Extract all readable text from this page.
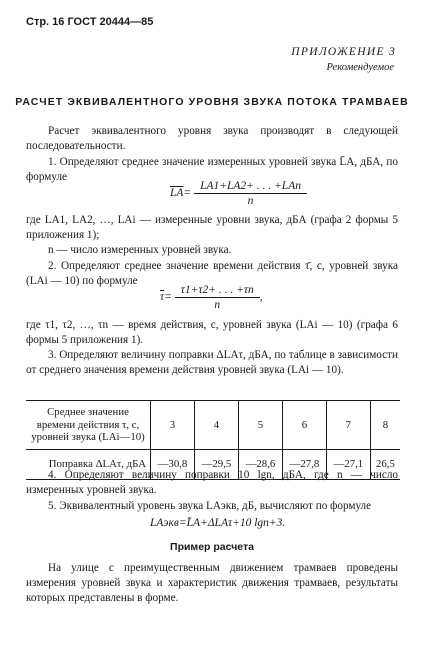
Стр. 16 ГОСТ 20444—85
ПРИЛОЖЕНИЕ 3
Рекомендуемое
РАСЧЕТ ЭКВИВАЛЕНТНОГО УРОВНЯ ЗВУКА ПОТОКА ТРАМВАЕВ

Расчет эквивалентного уровня звука производят в следующей последовательности.

1. Определяют среднее значение измеренных уровней звука L̄A, дБА, по формуле

$\overline{LA}= \frac{\text{LA1+LA2+ . . . +LAn}}{n}$

где LA1, LA2, …, LAi — измеренные уровни звука, дБА (графа 2 формы 5 приложения 1);

n — число измеренных уровней звука.

2. Определяют среднее значение времени действия τ̄, с, уровней звука (LAi — 10) по формуле

$\overline{\tau}= \frac{\tau 1+\tau 2+ . . . +\tau n}{n}$ ,

где τ1, τ2, …, τn — время действия, с, уровней звука (LAi — 10) (графа 6 формы 5 приложения 1).

3. Определяют величину поправки ΔLAτ, дБА, по таблице в зависимости от среднего значения времени действия уровней звука (LAi — 10).

Среднее значение времени действия τ, с, уровней звука (LAi—10)	3	4	5	6	7	8
Поправка ΔLAτ, дБА	—30,8	—29,5	—28,6	—27,8	—27,1	26,5

4. Определяют величину поправки 10 lgn, дБА, где n — число измеренных уровней звука.

5. Эквивалентный уровень звука LAэкв, дБ, вычисляют по формуле

LAэкв=L̄A+ΔLAτ+10 lgn+3.
Пример расчета

На улице с преимущественным движением трамваев проведены измерения уровней звука и характеристик движения трамваев, результаты которых представлены в форме.
